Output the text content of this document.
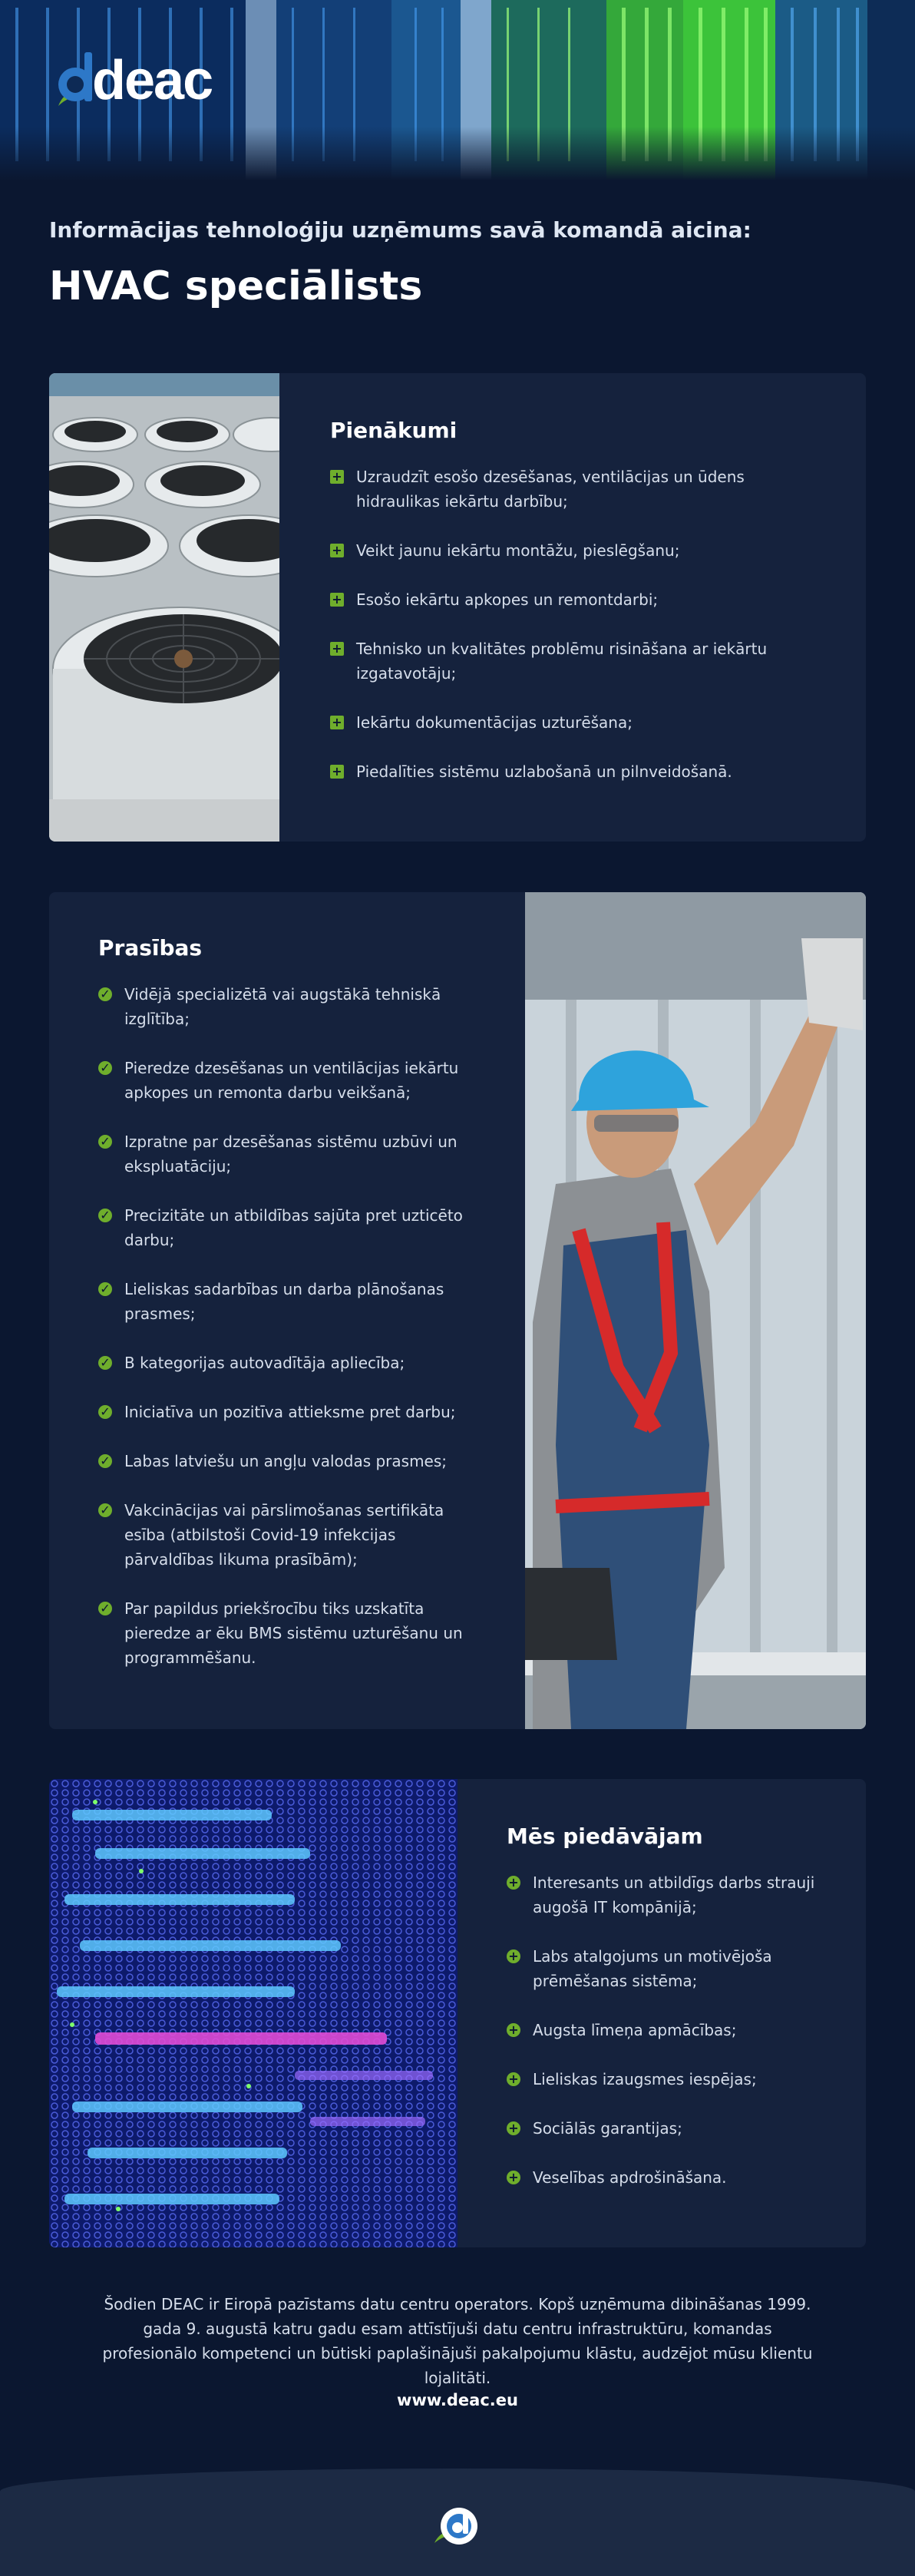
deac
Informācijas tehnoloģiju uzņēmums savā komandā aicina:
HVAC speciālists
Pienākumi
+ Uzraudzīt esošo dzesēšanas, ventilācijas un ūdens hidraulikas iekārtu darbību;
+ Veikt jaunu iekārtu montāžu, pieslēgšanu;
+ Esošo iekārtu apkopes un remontdarbi;
+ Tehnisko un kvalitātes problēmu risināšana ar iekārtu izgatavotāju;
+ Iekārtu dokumentācijas uzturēšana;
+ Piedalīties sistēmu uzlabošanā un pilnveidošanā.
Prasības
✓ Vidējā specializētā vai augstākā tehniskā izglītība;
✓ Pieredze dzesēšanas un ventilācijas iekārtu apkopes un remonta darbu veikšanā;
✓ Izpratne par dzesēšanas sistēmu uzbūvi un ekspluatāciju;
✓ Precizitāte un atbildības sajūta pret uzticēto darbu;
✓ Lieliskas sadarbības un darba plānošanas prasmes;
✓ B kategorijas autovadītāja apliecība;
✓ Iniciatīva un pozitīva attieksme pret darbu;
✓ Labas latviešu un angļu valodas prasmes;
✓ Vakcinācijas vai pārslimošanas sertifikāta esība (atbilstoši Covid-19 infekcijas pārvaldības likuma prasībām);
✓ Par papildus priekšrocību tiks uzskatīta pieredze ar ēku BMS sistēmu uzturēšanu un programmēšanu.
Mēs piedāvājam
+ Interesants un atbildīgs darbs strauji augošā IT kompānijā;
+ Labs atalgojums un motivējoša prēmēšanas sistēma;
+ Augsta līmeņa apmācības;
+ Lieliskas izaugsmes iespējas;
+ Sociālās garantijas;
+ Veselības apdrošināšana.
Šodien DEAC ir Eiropā pazīstams datu centru operators. Kopš uzņēmuma dibināšanas 1999. gada 9. augustā katru gadu esam attīstījuši datu centru infrastruktūru, komandas profesionālo kompetenci un būtiski paplašinājuši pakalpojumu klāstu, audzējot mūsu klientu lojalitāti.
www.deac.eu
